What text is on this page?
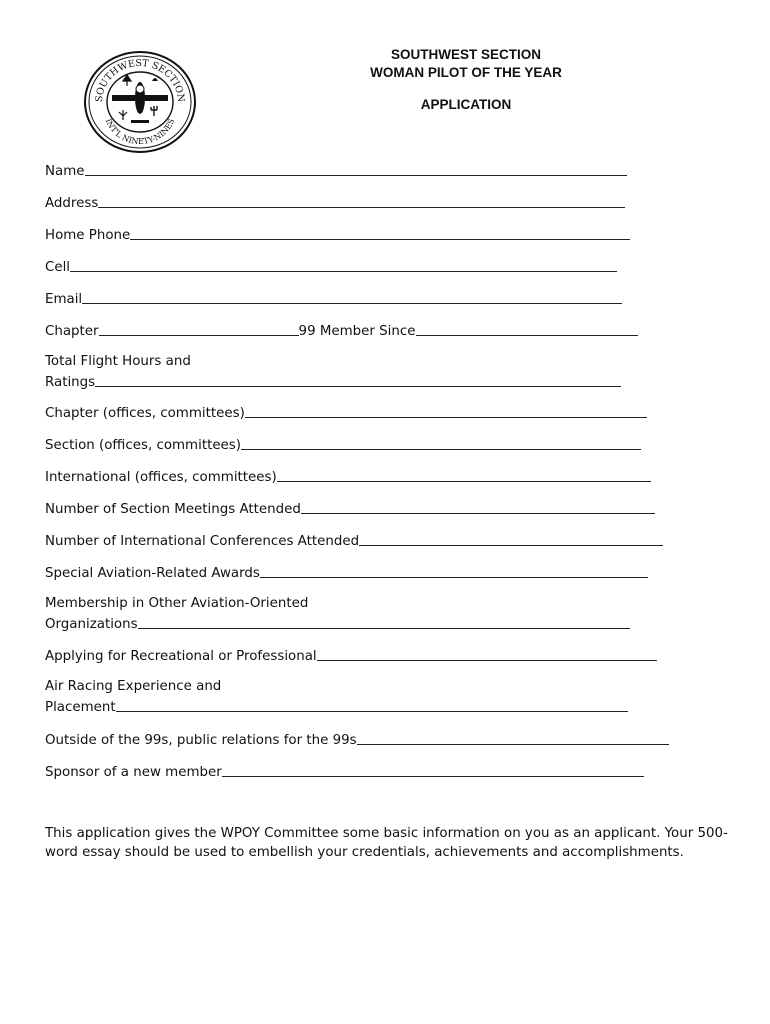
SOUTHWEST SECTION
INT'L NINETY-NINES
SOUTHWEST SECTION
WOMAN PILOT OF THE YEAR
APPLICATION
Name
Address
Home Phone
Cell
Email
Chapter	99 Member Since
Total Flight Hours and
Ratings
Chapter (offices, committees)
Section (offices, committees)
International (offices, committees)
Number of Section Meetings Attended
Number of International Conferences Attended
Special Aviation-Related Awards
Membership in Other Aviation-Oriented
Organizations
Applying for Recreational or Professional
Air Racing Experience and
Placement
Outside of the 99s, public relations for the 99s
Sponsor of a new member
This application gives the WPOY Committee some basic information on you as an applicant. Your 500-word essay should be used to embellish your credentials, achievements and accomplishments.
